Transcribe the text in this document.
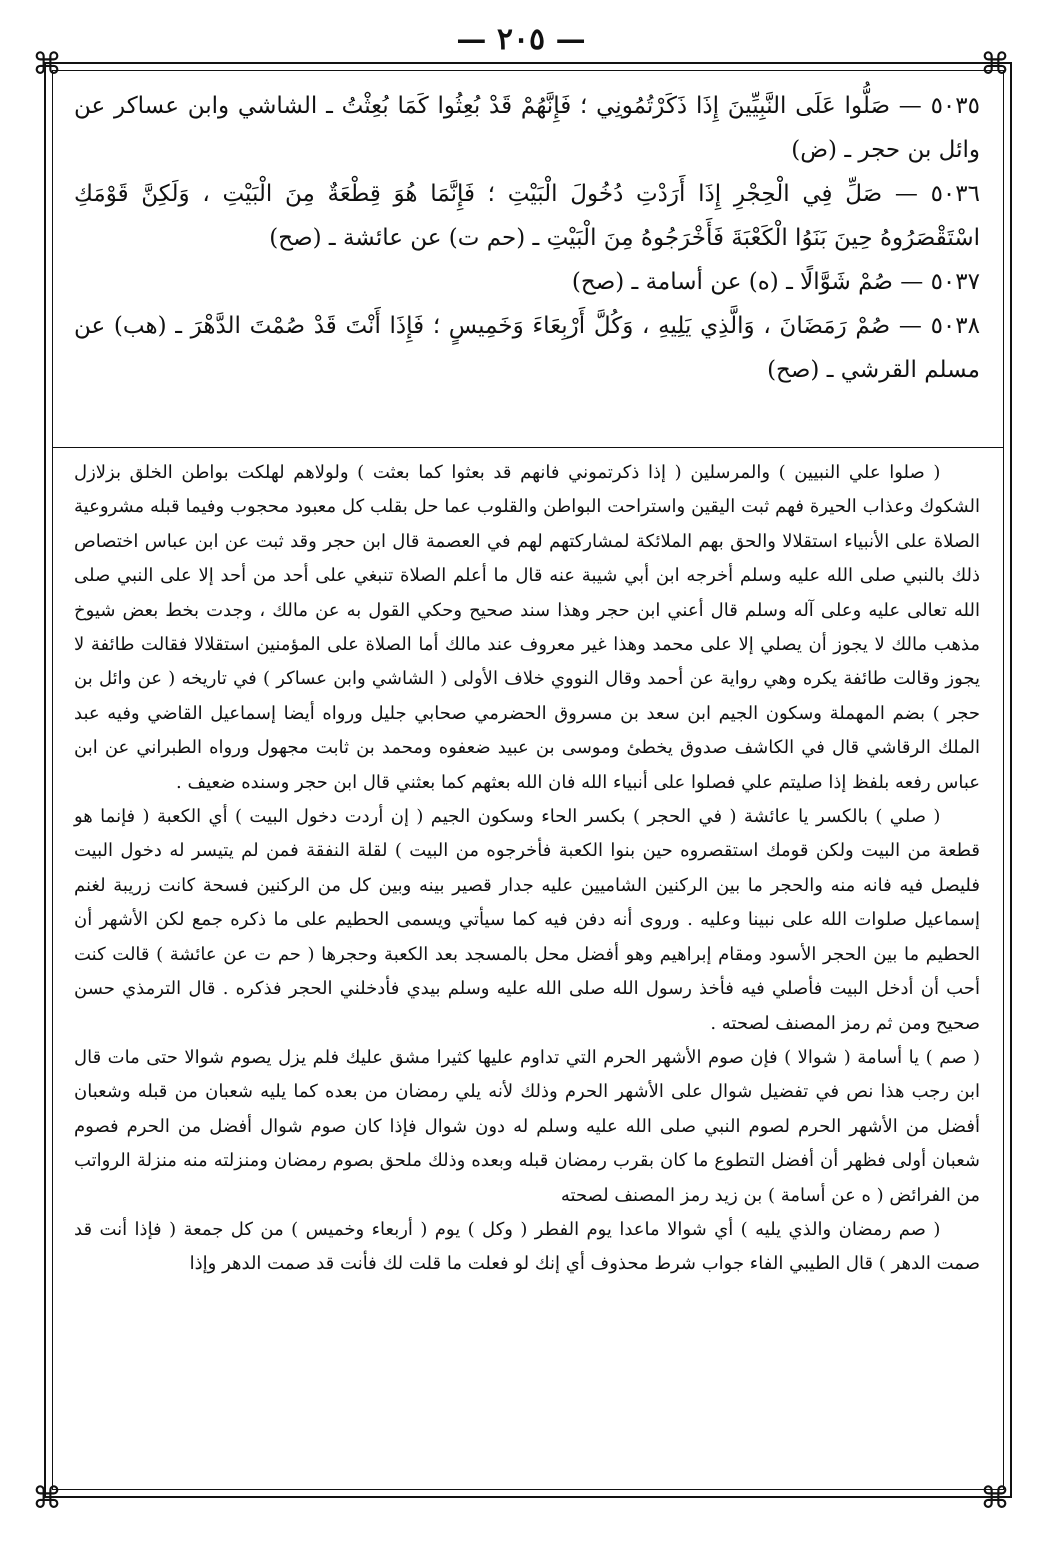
— ٢٠٥ —
⌘	⌘
⌘	⌘

٥٠٣٥ — صَلُّوا عَلَى النَّبِيِّينَ إِذَا ذَكَرْتُمُونِي ؛ فَإِنَّهُمْ قَدْ بُعِثُوا كَمَا بُعِثْتُ ـ الشاشي وابن عساكر عن وائل بن حجر ـ (ض)

٥٠٣٦ — صَلِّ فِي الْحِجْرِ إِذَا أَرَدْتِ دُخُولَ الْبَيْتِ ؛ فَإِنَّمَا هُوَ قِطْعَةٌ مِنَ الْبَيْتِ ، وَلَكِنَّ قَوْمَكِ اسْتَقْصَرُوهُ حِينَ بَنَوُا الْكَعْبَةَ فَأَخْرَجُوهُ مِنَ الْبَيْتِ ـ (حم ت) عن عائشة ـ (صح)

٥٠٣٧ — صُمْ شَوَّالًا ـ (ه) عن أسامة ـ (صح)

٥٠٣٨ — صُمْ رَمَضَانَ ، وَالَّذِي يَلِيهِ ، وَكُلَّ أَرْبِعَاءَ وَخَمِيسٍ ؛ فَإِذَا أَنْتَ قَدْ صُمْتَ الدَّهْرَ ـ (هب) عن مسلم القرشي ـ (صح)

( صلوا علي النبيين ) والمرسلين ( إذا ذكرتموني فانهم قد بعثوا كما بعثت ) ولولاهم لهلكت بواطن الخلق بزلازل الشكوك وعذاب الحيرة فهم ثبت اليقين واستراحت البواطن والقلوب عما حل بقلب كل معبود محجوب وفيما قبله مشروعية الصلاة على الأنبياء استقلالا والحق بهم الملائكة لمشاركتهم لهم في العصمة قال ابن حجر وقد ثبت عن ابن عباس اختصاص ذلك بالنبي صلى الله عليه وسلم أخرجه ابن أبي شيبة عنه قال ما أعلم الصلاة تنبغي على أحد من أحد إلا على النبي صلى الله تعالى عليه وعلى آله وسلم قال أعني ابن حجر وهذا سند صحيح وحكي القول به عن مالك ، وجدت بخط بعض شيوخ مذهب مالك لا يجوز أن يصلي إلا على محمد وهذا غير معروف عند مالك أما الصلاة على المؤمنين استقلالا فقالت طائفة لا يجوز وقالت طائفة يكره وهي رواية عن أحمد وقال النووي خلاف الأولى ( الشاشي وابن عساكر ) في تاريخه ( عن وائل بن حجر ) بضم المهملة وسكون الجيم ابن سعد بن مسروق الحضرمي صحابي جليل ورواه أيضا إسماعيل القاضي وفيه عبد الملك الرقاشي قال في الكاشف صدوق يخطئ وموسى بن عبيد ضعفوه ومحمد بن ثابت مجهول ورواه الطبراني عن ابن عباس رفعه بلفظ إذا صليتم علي فصلوا على أنبياء الله فان الله بعثهم كما بعثني قال ابن حجر وسنده ضعيف .

( صلي ) بالكسر يا عائشة ( في الحجر ) بكسر الحاء وسكون الجيم ( إن أردت دخول البيت ) أي الكعبة ( فإنما هو قطعة من البيت ولكن قومك استقصروه حين بنوا الكعبة فأخرجوه من البيت ) لقلة النفقة فمن لم يتيسر له دخول البيت فليصل فيه فانه منه والحجر ما بين الركنين الشاميين عليه جدار قصير بينه وبين كل من الركنين فسحة كانت زريبة لغنم إسماعيل صلوات الله على نبينا وعليه . وروى أنه دفن فيه كما سيأتي ويسمى الحطيم على ما ذكره جمع لكن الأشهر أن الحطيم ما بين الحجر الأسود ومقام إبراهيم وهو أفضل محل بالمسجد بعد الكعبة وحجرها ( حم ت عن عائشة ) قالت كنت أحب أن أدخل البيت فأصلي فيه فأخذ رسول الله صلى الله عليه وسلم بيدي فأدخلني الحجر فذكره . قال الترمذي حسن صحيح ومن ثم رمز المصنف لصحته .

( صم ) يا أسامة ( شوالا ) فإن صوم الأشهر الحرم التي تداوم عليها كثيرا مشق عليك فلم يزل يصوم شوالا حتى مات قال ابن رجب هذا نص في تفضيل شوال على الأشهر الحرم وذلك لأنه يلي رمضان من بعده كما يليه شعبان من قبله وشعبان أفضل من الأشهر الحرم لصوم النبي صلى الله عليه وسلم له دون شوال فإذا كان صوم شوال أفضل من الحرم فصوم شعبان أولى فظهر أن أفضل التطوع ما كان بقرب رمضان قبله وبعده وذلك ملحق بصوم رمضان ومنزلته منه منزلة الرواتب من الفرائض ( ه عن أسامة ) بن زيد رمز المصنف لصحته

( صم رمضان والذي يليه ) أي شوالا ماعدا يوم الفطر ( وكل ) يوم ( أربعاء وخميس ) من كل جمعة ( فإذا أنت قد صمت الدهر ) قال الطيبي الفاء جواب شرط محذوف أي إنك لو فعلت ما قلت لك فأنت قد صمت الدهر وإذا
